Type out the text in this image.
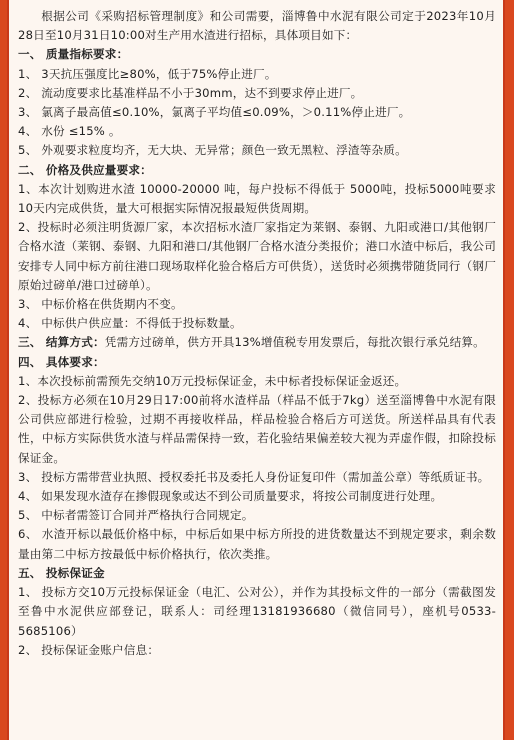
根据公司《采购招标管理制度》和公司需要，淄博鲁中水泥有限公司定于2023年10月28日至10月31日10:00对生产用水渣进行招标，具体项目如下：

一、 质量指标要求：

1、 3天抗压强度比≥80%，低于75%停止进厂。

2、 流动度要求比基准样品不小于30mm，达不到要求停止进厂。

3、 氯离子最高值≤0.10%，氯离子平均值≤0.09%，＞0.11%停止进厂。

4、 水份 ≤15% 。

5、 外观要求粒度均齐，无大块、无异常；颜色一致无黑粒、浮渣等杂质。

二、 价格及供应量要求：

1、本次计划购进水渣 10000-20000 吨，每户投标不得低于 5000吨，投标5000吨要求10天内完成供货，量大可根据实际情况报最短供货周期。

2、投标时必须注明货源厂家，本次招标水渣厂家指定为莱钢、泰钢、九阳或港口/其他钢厂合格水渣（莱钢、泰钢、九阳和港口/其他钢厂合格水渣分类报价；港口水渣中标后，我公司安排专人同中标方前往港口现场取样化验合格后方可供货），送货时必须携带随货同行（钢厂原始过磅单/港口过磅单）。

3、 中标价格在供货期内不变。

4、 中标供户供应量：不得低于投标数量。

三、 结算方式：凭需方过磅单，供方开具13%增值税专用发票后，每批次银行承兑结算。

四、 具体要求：

1、本次投标前需预先交纳10万元投标保证金，未中标者投标保证金返还。

2、投标方必须在10月29日17:00前将水渣样品（样品不低于7kg）送至淄博鲁中水泥有限公司供应部进行检验，过期不再接收样品，样品检验合格后方可送货。所送样品具有代表性，中标方实际供货水渣与样品需保持一致，若化验结果偏差较大视为弄虚作假，扣除投标保证金。

3、 投标方需带营业执照、授权委托书及委托人身份证复印件（需加盖公章）等纸质证书。

4、 如果发现水渣存在掺假现象或达不到公司质量要求，将按公司制度进行处理。

5、 中标者需签订合同并严格执行合同规定。

6、 水渣开标以最低价格中标，中标后如果中标方所投的进货数量达不到规定要求，剩余数量由第二中标方按最低中标价格执行，依次类推。

五、 投标保证金

1、 投标方交10万元投标保证金（电汇、公对公），并作为其投标文件的一部分（需截图发至鲁中水泥供应部登记，联系人：司经理13181936680（微信同号），座机号0533-5685106）

2、 投标保证金账户信息：
